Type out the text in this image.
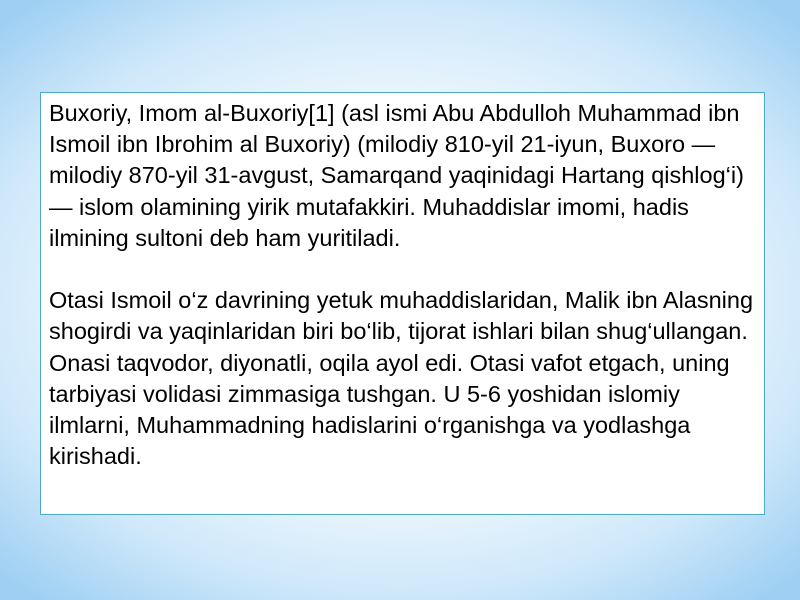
Buxoriy, Imom al-Buxoriy[1] (asl ismi Abu Abdulloh Muhammad ibn Ismoil ibn Ibrohim al Buxoriy) (milodiy 810-yil 21-iyun, Buxoro — milodiy 870-yil 31-avgust, Samarqand yaqinidagi Hartang qishlog‘i) — islom olamining yirik mutafakkiri. Muhaddislar imomi, hadis ilmining sultoni deb ham yuritiladi.

Otasi Ismoil o‘z davrining yetuk muhaddislaridan, Malik ibn Alasning shogirdi va yaqinlaridan biri bo‘lib, tijorat ishlari bilan shug‘ullangan. Onasi taqvodor, diyonatli, oqila ayol edi. Otasi vafot etgach, uning tarbiyasi volidasi zimmasiga tushgan. U 5-6 yoshidan islomiy ilmlarni, Muhammadning hadislarini o‘rganishga va yodlashga kirishadi.
